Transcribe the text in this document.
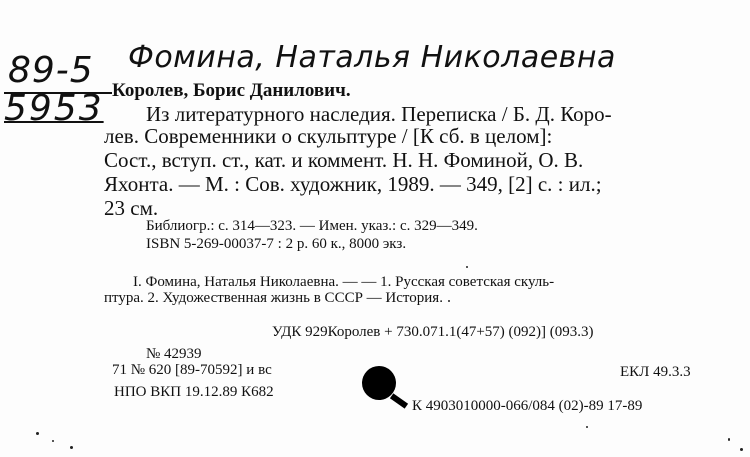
89-5
5953
Фомина, Наталья Николаевна
Королев, Борис Данилович.
Из литературного наследия. Переписка / Б. Д. Коро-
лев. Современники о скульптуре / [К сб. в целом]:
Сост., вступ. ст., кат. и коммент. Н. Н. Фоминой, О. В.
Яхонта. — М. : Сов. художник, 1989. — 349, [2] с. : ил.;
23 см.
Библиогр.: с. 314—323. — Имен. указ.: с. 329—349.
ISBN 5-269-00037-7 : 2 р. 60 к., 8000 экз.
I. Фомина, Наталья Николаевна. — — 1. Русская советская скуль-
птура. 2. Художественная жизнь в СССР — История.
УДК 929Королев + 730.071.1(47+57) (092)] (093.3)
№ 42939
71 № 620 [89-70592] и вс
НПО ВКП 19.12.89 К682
ЕКЛ 49.3.3
К 4903010000-066/084 (02)-89 17-89
